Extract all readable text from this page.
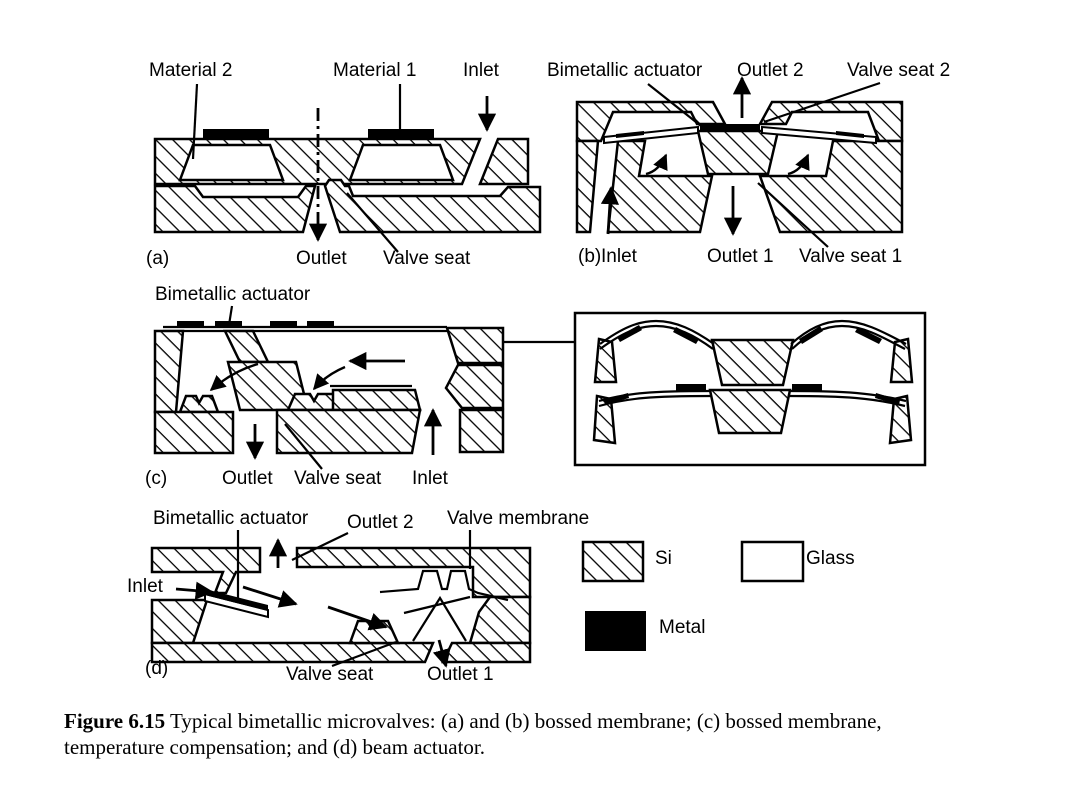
Material 2	Material 1 Inlet
(a)	Outlet Valve seat
Bimetallic actuator Outlet 2 Valve seat 2
(b) Inlet	Outlet 1 Valve seat 1
Bimetallic actuator
(c)	Outlet Valve seat Inlet
Bimetallic actuator Outlet 2 Valve membrane
Inlet
(d)	Valve seat	Outlet 1
Si	Glass
Metal
Figure 6.15 Typical bimetallic microvalves: (a) and (b) bossed membrane; (c) bossed membrane,
temperature compensation; and (d) beam actuator.
